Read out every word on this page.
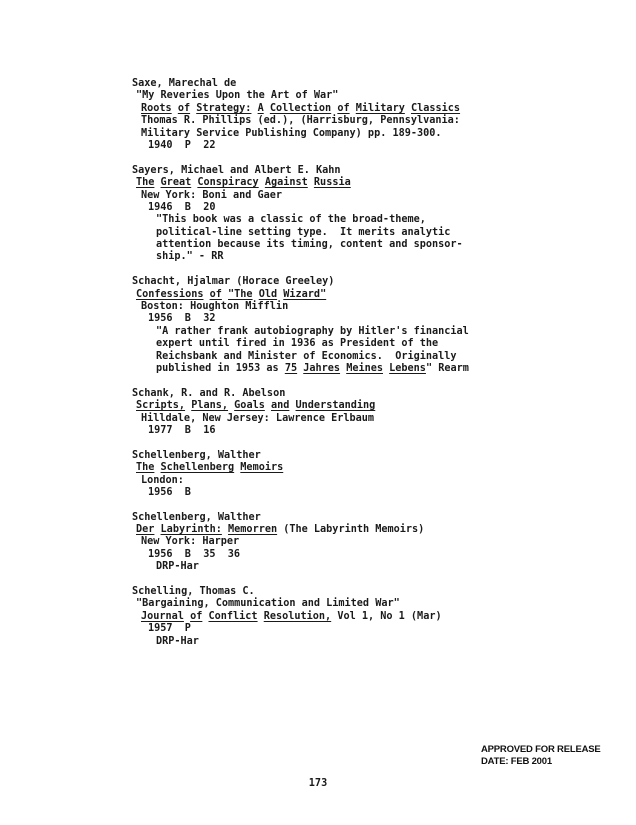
Saxe, Marechal de
"My Reveries Upon the Art of War"
Roots of Strategy: A Collection of Military Classics
Thomas R. Phillips (ed.), (Harrisburg, Pennsylvania:
Military Service Publishing Company) pp. 189-300.
1940  P  22
Sayers, Michael and Albert E. Kahn
The Great Conspiracy Against Russia
New York: Boni and Gaer
1946  B  20
"This book was a classic of the broad-theme,
political-line setting type.  It merits analytic
attention because its timing, content and sponsor-
ship." - RR
Schacht, Hjalmar (Horace Greeley)
Confessions of "The Old Wizard"
Boston: Houghton Mifflin
1956  B  32
"A rather frank autobiography by Hitler's financial
expert until fired in 1936 as President of the
Reichsbank and Minister of Economics.  Originally
published in 1953 as 75 Jahres Meines Lebens" Rearm
Schank, R. and R. Abelson
Scripts, Plans, Goals and Understanding
Hilldale, New Jersey: Lawrence Erlbaum
1977  B  16
Schellenberg, Walther
The Schellenberg Memoirs
London:
1956  B
Schellenberg, Walther
Der Labyrinth: Memorren (The Labyrinth Memoirs)
New York: Harper
1956  B  35  36
DRP-Har
Schelling, Thomas C.
"Bargaining, Communication and Limited War"
Journal of Conflict Resolution, Vol 1, No 1 (Mar)
1957  P
DRP-Har
APPROVED FOR RELEASE
DATE: FEB 2001
173
